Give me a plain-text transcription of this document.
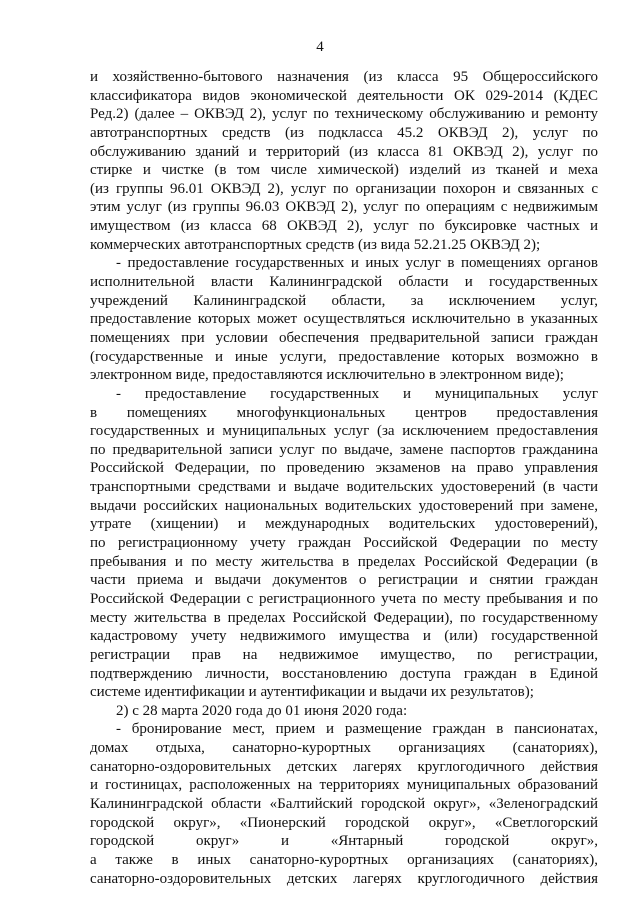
4
и хозяйственно-бытового назначения (из класса 95 Общероссийского
классификатора видов экономической деятельности ОК 029-2014 (КДЕС
Ред.2) (далее – ОКВЭД 2), услуг по техническому обслуживанию и ремонту
автотранспортных средств (из подкласса 45.2 ОКВЭД 2), услуг по
обслуживанию зданий и территорий (из класса 81 ОКВЭД 2), услуг по
стирке и чистке (в том числе химической) изделий из тканей и меха
(из группы 96.01 ОКВЭД 2), услуг по организации похорон и связанных с
этим услуг (из группы 96.03 ОКВЭД 2), услуг по операциям с недвижимым
имуществом (из класса 68 ОКВЭД 2), услуг по буксировке частных и
коммерческих автотранспортных средств (из вида 52.21.25 ОКВЭД 2);
- предоставление государственных и иных услуг в помещениях органов
исполнительной власти Калининградской области и государственных
учреждений Калининградской области, за исключением услуг,
предоставление которых может осуществляться исключительно в указанных
помещениях при условии обеспечения предварительной записи граждан
(государственные и иные услуги, предоставление которых возможно в
электронном виде, предоставляются исключительно в электронном виде);
- предоставление государственных и муниципальных услуг
в помещениях многофункциональных центров предоставления
государственных и муниципальных услуг (за исключением предоставления
по предварительной записи услуг по выдаче, замене паспортов гражданина
Российской Федерации, по проведению экзаменов на право управления
транспортными средствами и выдаче водительских удостоверений (в части
выдачи российских национальных водительских удостоверений при замене,
утрате (хищении) и международных водительских удостоверений),
по регистрационному учету граждан Российской Федерации по месту
пребывания и по месту жительства в пределах Российской Федерации (в
части приема и выдачи документов о регистрации и снятии граждан
Российской Федерации с регистрационного учета по месту пребывания и по
месту жительства в пределах Российской Федерации), по государственному
кадастровому учету недвижимого имущества и (или) государственной
регистрации прав на недвижимое имущество, по регистрации,
подтверждению личности, восстановлению доступа граждан в Единой
системе идентификации и аутентификации и выдачи их результатов);
2) с 28 марта 2020 года до 01 июня 2020 года:
- бронирование мест, прием и размещение граждан в пансионатах,
домах отдыха, санаторно-курортных организациях (санаториях),
санаторно-оздоровительных детских лагерях круглогодичного действия
и гостиницах, расположенных на территориях муниципальных образований
Калининградской области «Балтийский городской округ», «Зеленоградский
городской округ», «Пионерский городской округ», «Светлогорский
городской округ» и «Янтарный городской округ»,
а также в иных санаторно-курортных организациях (санаториях),
санаторно-оздоровительных детских лагерях круглогодичного действия
